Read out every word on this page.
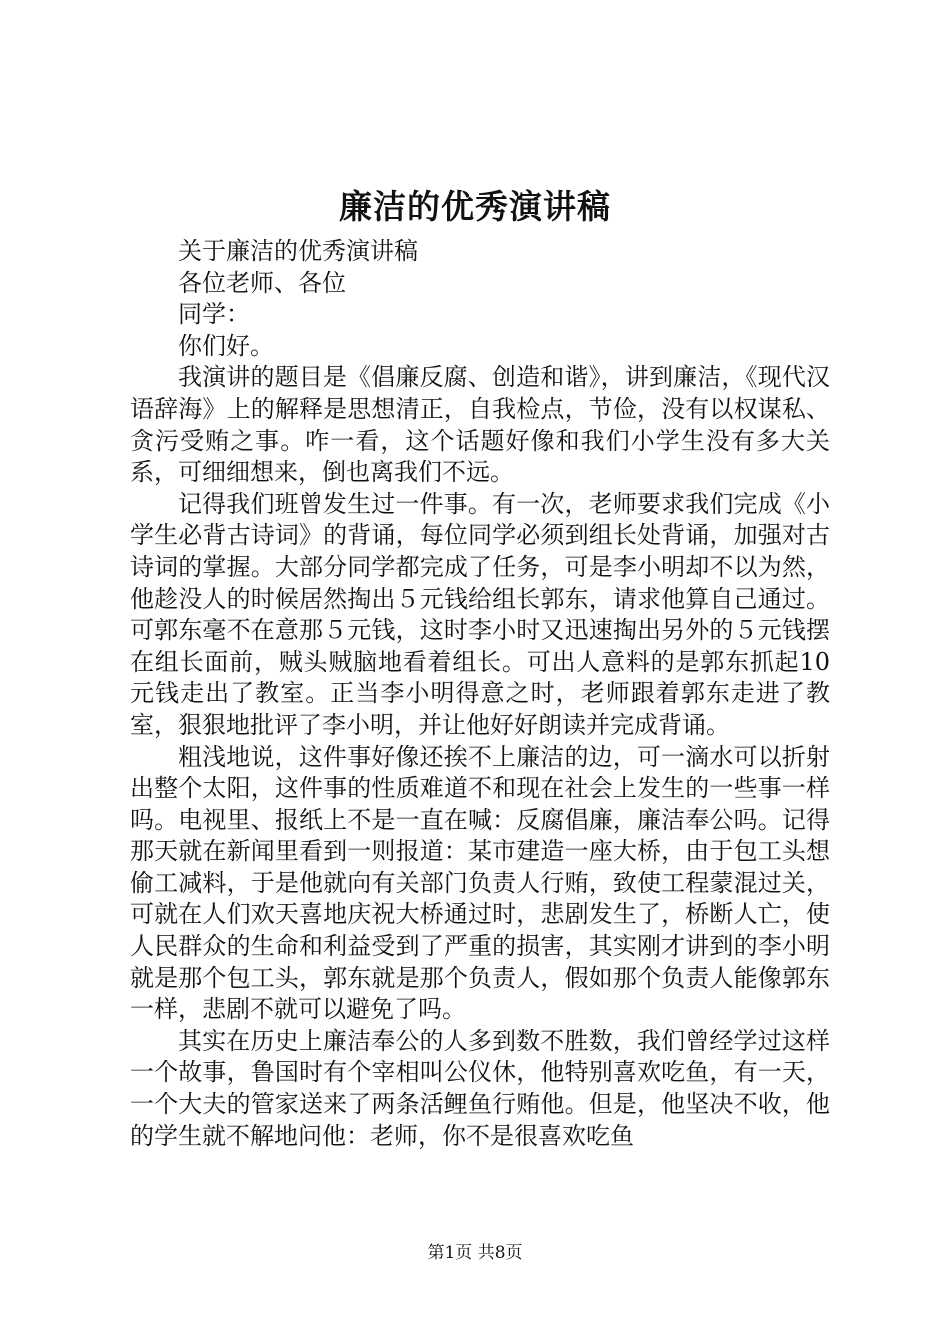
廉洁的优秀演讲稿

关于廉洁的优秀演讲稿

各位老师、各位

同学：

你们好。

我演讲的题目是《倡廉反腐、创造和谐》，讲到廉洁，《现代汉语辞海》上的解释是思想清正，自我检点，节俭，没有以权谋私、贪污受贿之事。咋一看，这个话题好像和我们小学生没有多大关系，可细细想来，倒也离我们不远。

记得我们班曾发生过一件事。有一次，老师要求我们完成《小学生必背古诗词》的背诵，每位同学必须到组长处背诵，加强对古诗词的掌握。大部分同学都完成了任务，可是李小明却不以为然，他趁没人的时候居然掏出５元钱给组长郭东，请求他算自己通过。可郭东毫不在意那５元钱，这时李小时又迅速掏出另外的５元钱摆在组长面前，贼头贼脑地看着组长。可出人意料的是郭东抓起10元钱走出了教室。正当李小明得意之时，老师跟着郭东走进了教室，狠狠地批评了李小明，并让他好好朗读并完成背诵。

粗浅地说，这件事好像还挨不上廉洁的边，可一滴水可以折射出整个太阳，这件事的性质难道不和现在社会上发生的一些事一样吗。电视里、报纸上不是一直在喊：反腐倡廉，廉洁奉公吗。记得那天就在新闻里看到一则报道：某市建造一座大桥，由于包工头想偷工减料，于是他就向有关部门负责人行贿，致使工程蒙混过关，可就在人们欢天喜地庆祝大桥通过时，悲剧发生了，桥断人亡，使人民群众的生命和利益受到了严重的损害，其实刚才讲到的李小明就是那个包工头，郭东就是那个负责人，假如那个负责人能像郭东一样，悲剧不就可以避免了吗。

其实在历史上廉洁奉公的人多到数不胜数，我们曾经学过这样一个故事，鲁国时有个宰相叫公仪休，他特别喜欢吃鱼，有一天，一个大夫的管家送来了两条活鲤鱼行贿他。但是，他坚决不收，他的学生就不解地问他：老师，你不是很喜欢吃鱼

第1页 共8页
